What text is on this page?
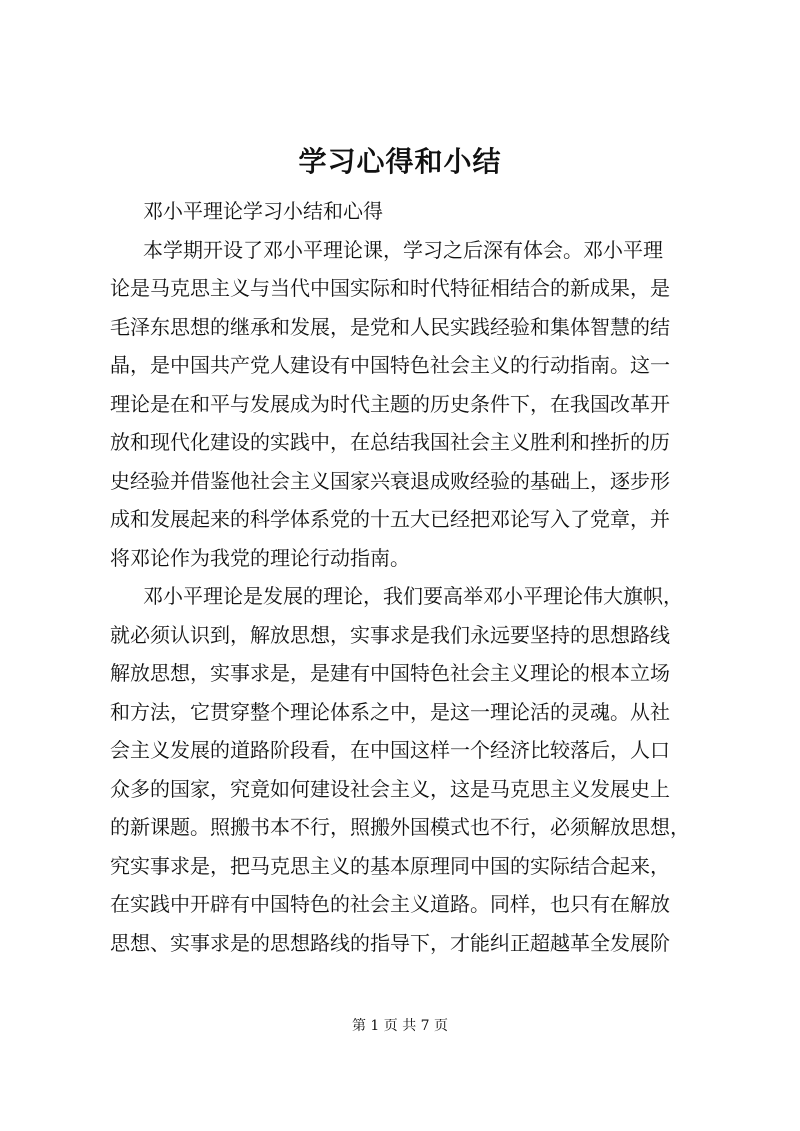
学习心得和小结
邓小平理论学习小结和心得
本学期开设了邓小平理论课，学习之后深有体会。邓小平理
论是马克思主义与当代中国实际和时代特征相结合的新成果，是
毛泽东思想的继承和发展，是党和人民实践经验和集体智慧的结
晶，是中国共产党人建设有中国特色社会主义的行动指南。这一
理论是在和平与发展成为时代主题的历史条件下，在我国改革开
放和现代化建设的实践中，在总结我国社会主义胜利和挫折的历
史经验并借鉴他社会主义国家兴衰退成败经验的基础上，逐步形
成和发展起来的科学体系党的十五大已经把邓论写入了党章，并
将邓论作为我党的理论行动指南。
邓小平理论是发展的理论，我们要高举邓小平理论伟大旗帜，
就必须认识到，解放思想，实事求是我们永远要坚持的思想路线
解放思想，实事求是，是建有中国特色社会主义理论的根本立场
和方法，它贯穿整个理论体系之中，是这一理论活的灵魂。从社
会主义发展的道路阶段看，在中国这样一个经济比较落后，人口
众多的国家，究竟如何建设社会主义，这是马克思主义发展史上
的新课题。照搬书本不行，照搬外国模式也不行，必须解放思想，
究实事求是，把马克思主义的基本原理同中国的实际结合起来，
在实践中开辟有中国特色的社会主义道路。同样，也只有在解放
思想、实事求是的思想路线的指导下，才能纠正超越革全发展阶
第 1 页 共 7 页
